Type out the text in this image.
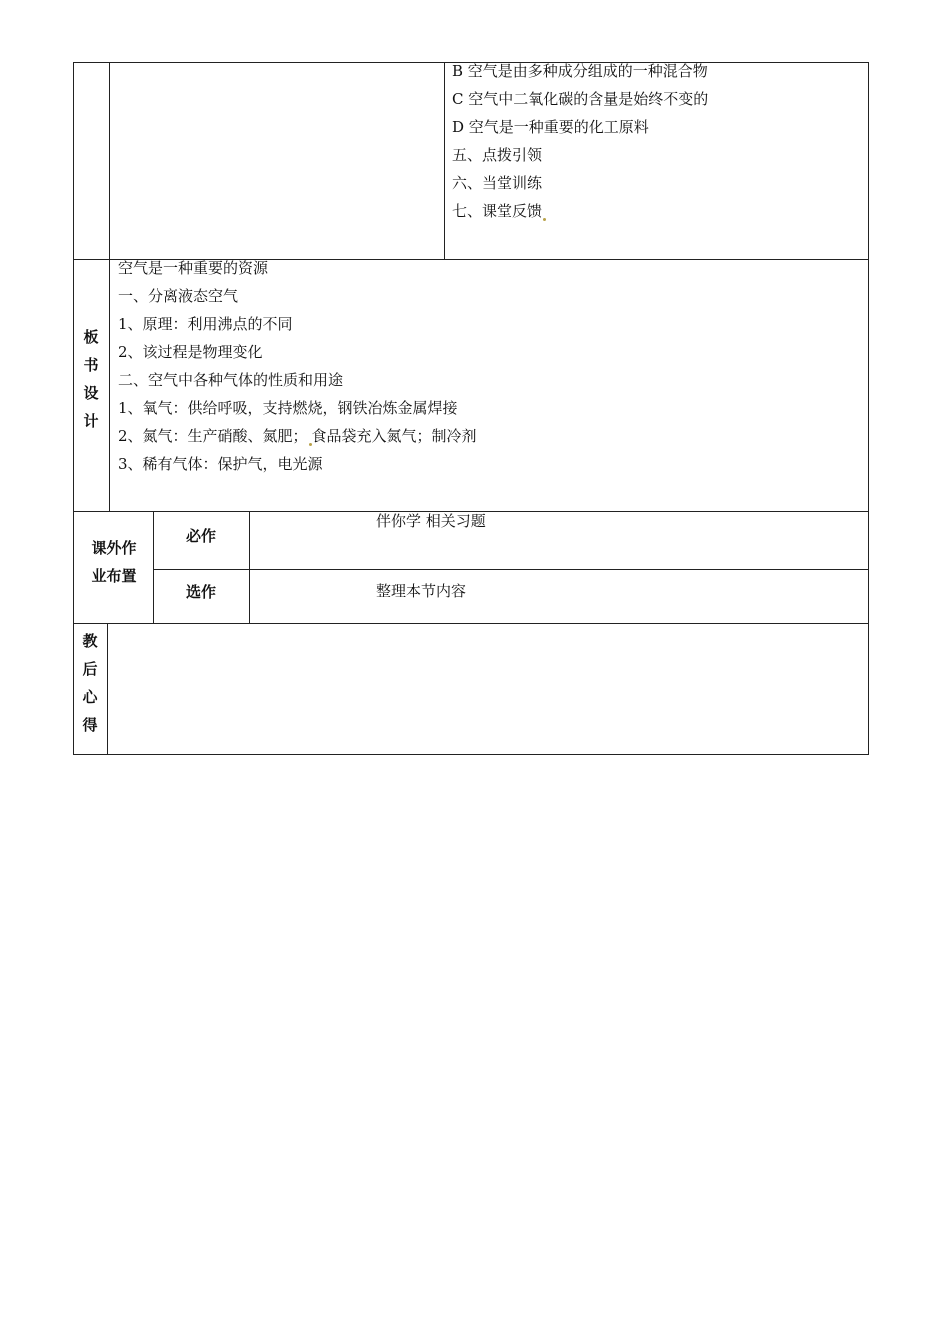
B 空气是由多种成分组成的一种混合物
C 空气中二氧化碳的含量是始终不变的
D 空气是一种重要的化工原料
五、点拨引领
六、当堂训练
七、课堂反馈
板
书
设
计
空气是一种重要的资源
一、分离液态空气
1、原理：利用沸点的不同
2、该过程是物理变化
二、空气中各种气体的性质和用途
1、氧气：供给呼吸，支持燃烧，钢铁冶炼金属焊接
2、氮气：生产硝酸、氮肥； 食品袋充入氮气；制冷剂
3、稀有气体：保护气，电光源
课外作
业布置
必作
伴你学 相关习题
选作	整理本节内容
教
后
心
得
